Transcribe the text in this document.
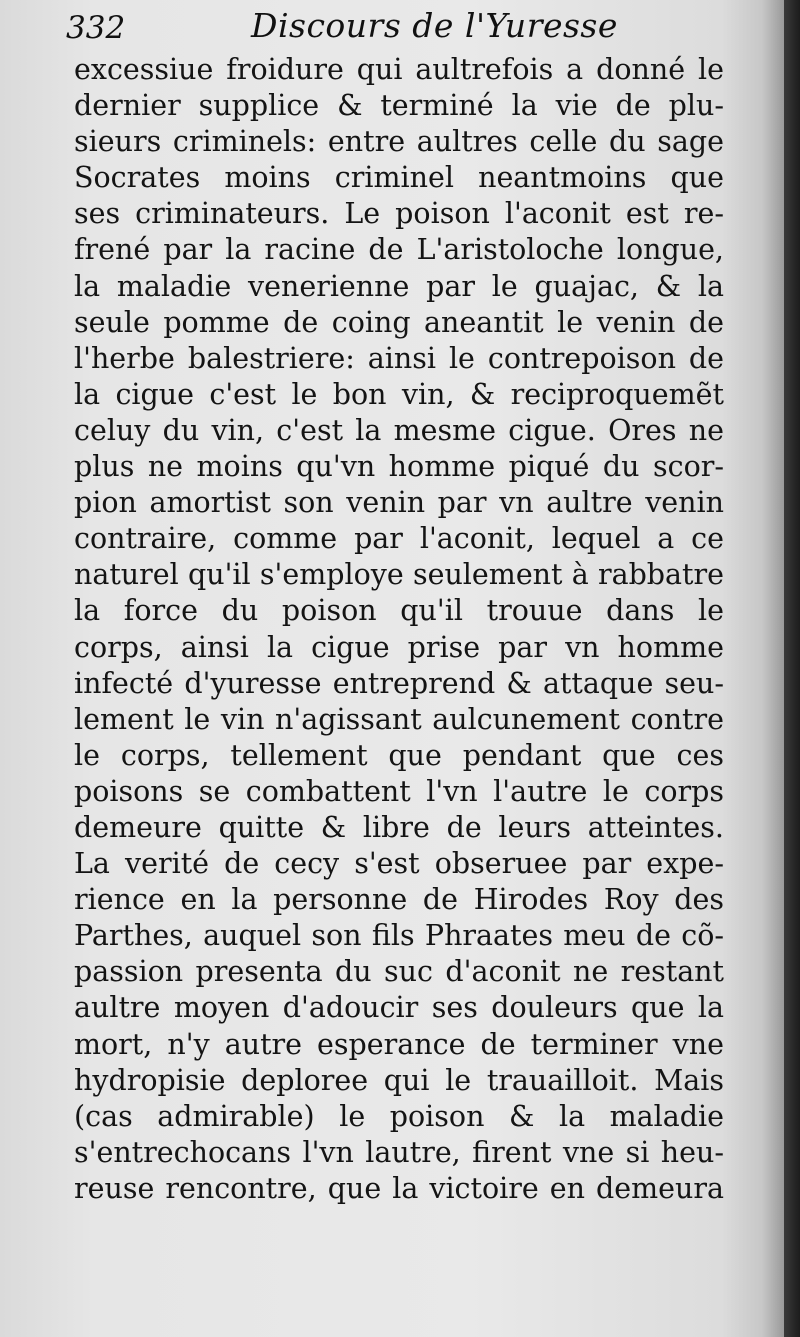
332	Discours de l'Yuresse
excessiue froidure qui aultrefois a donné le
dernier supplice & terminé la vie de plu-
sieurs criminels: entre aultres celle du sage
Socrates moins criminel neantmoins que
ses criminateurs. Le poison l'aconit est re-
frené par la racine de L'aristoloche longue,
la maladie venerienne par le guajac, & la
seule pomme de coing aneantit le venin de
l'herbe balestriere: ainsi le contrepoison de
la cigue c'est le bon vin, & reciproquemẽt
celuy du vin, c'est la mesme cigue. Ores ne
plus ne moins qu'vn homme piqué du scor-
pion amortist son venin par vn aultre venin
contraire, comme par l'aconit, lequel a ce
naturel qu'il s'employe seulement à rabbatre
la force du poison qu'il trouue dans le
corps, ainsi la cigue prise par vn homme
infecté d'yuresse entreprend & attaque seu-
lement le vin n'agissant aulcunement contre
le corps, tellement que pendant que ces
poisons se combattent l'vn l'autre le corps
demeure quitte & libre de leurs atteintes.
La verité de cecy s'est obseruee par expe-
rience en la personne de Hirodes Roy des
Parthes, auquel son fils Phraates meu de cõ-
passion presenta du suc d'aconit ne restant
aultre moyen d'adoucir ses douleurs que la
mort, n'y autre esperance de terminer vne
hydropisie deploree qui le trauailloit. Mais
(cas admirable) le poison & la maladie
s'entrechocans l'vn lautre, firent vne si heu-
reuse rencontre, que la victoire en demeura
